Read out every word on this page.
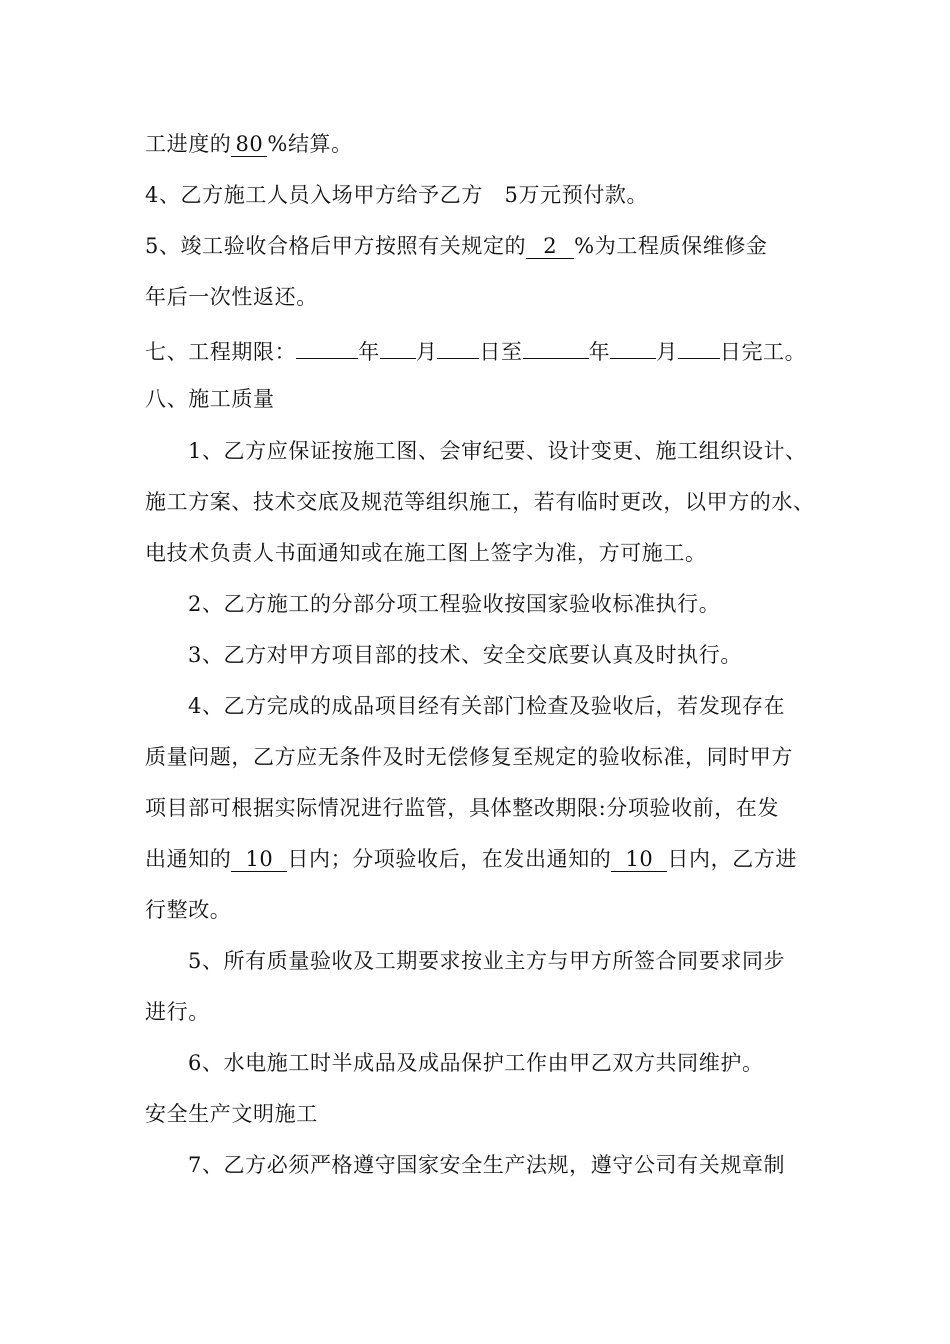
工进度的 80 %结算。
4、乙方施工人员入场甲方给予乙方　5万元预付款。
5、竣工验收合格后甲方按照有关规定的 2 %为工程质保维修金
年后一次性返还。
七、工程期限：	年 月 日至	年 月 日完工。
八、施工质量
1、乙方应保证按施工图、会审纪要、设计变更、施工组织设计、
施工方案、技术交底及规范等组织施工，若有临时更改，以甲方的水、
电技术负责人书面通知或在施工图上签字为准，方可施工。
2、乙方施工的分部分项工程验收按国家验收标准执行。
3、乙方对甲方项目部的技术、安全交底要认真及时执行。
4、乙方完成的成品项目经有关部门检查及验收后，若发现存在
质量问题，乙方应无条件及时无偿修复至规定的验收标准，同时甲方
项目部可根据实际情况进行监管，具体整改期限:分项验收前，在发
出通知的 10 日内；分项验收后，在发出通知的 10 日内，乙方进
行整改。
5、所有质量验收及工期要求按业主方与甲方所签合同要求同步
进行。
6、水电施工时半成品及成品保护工作由甲乙双方共同维护。
安全生产文明施工
7、乙方必须严格遵守国家安全生产法规，遵守公司有关规章制
